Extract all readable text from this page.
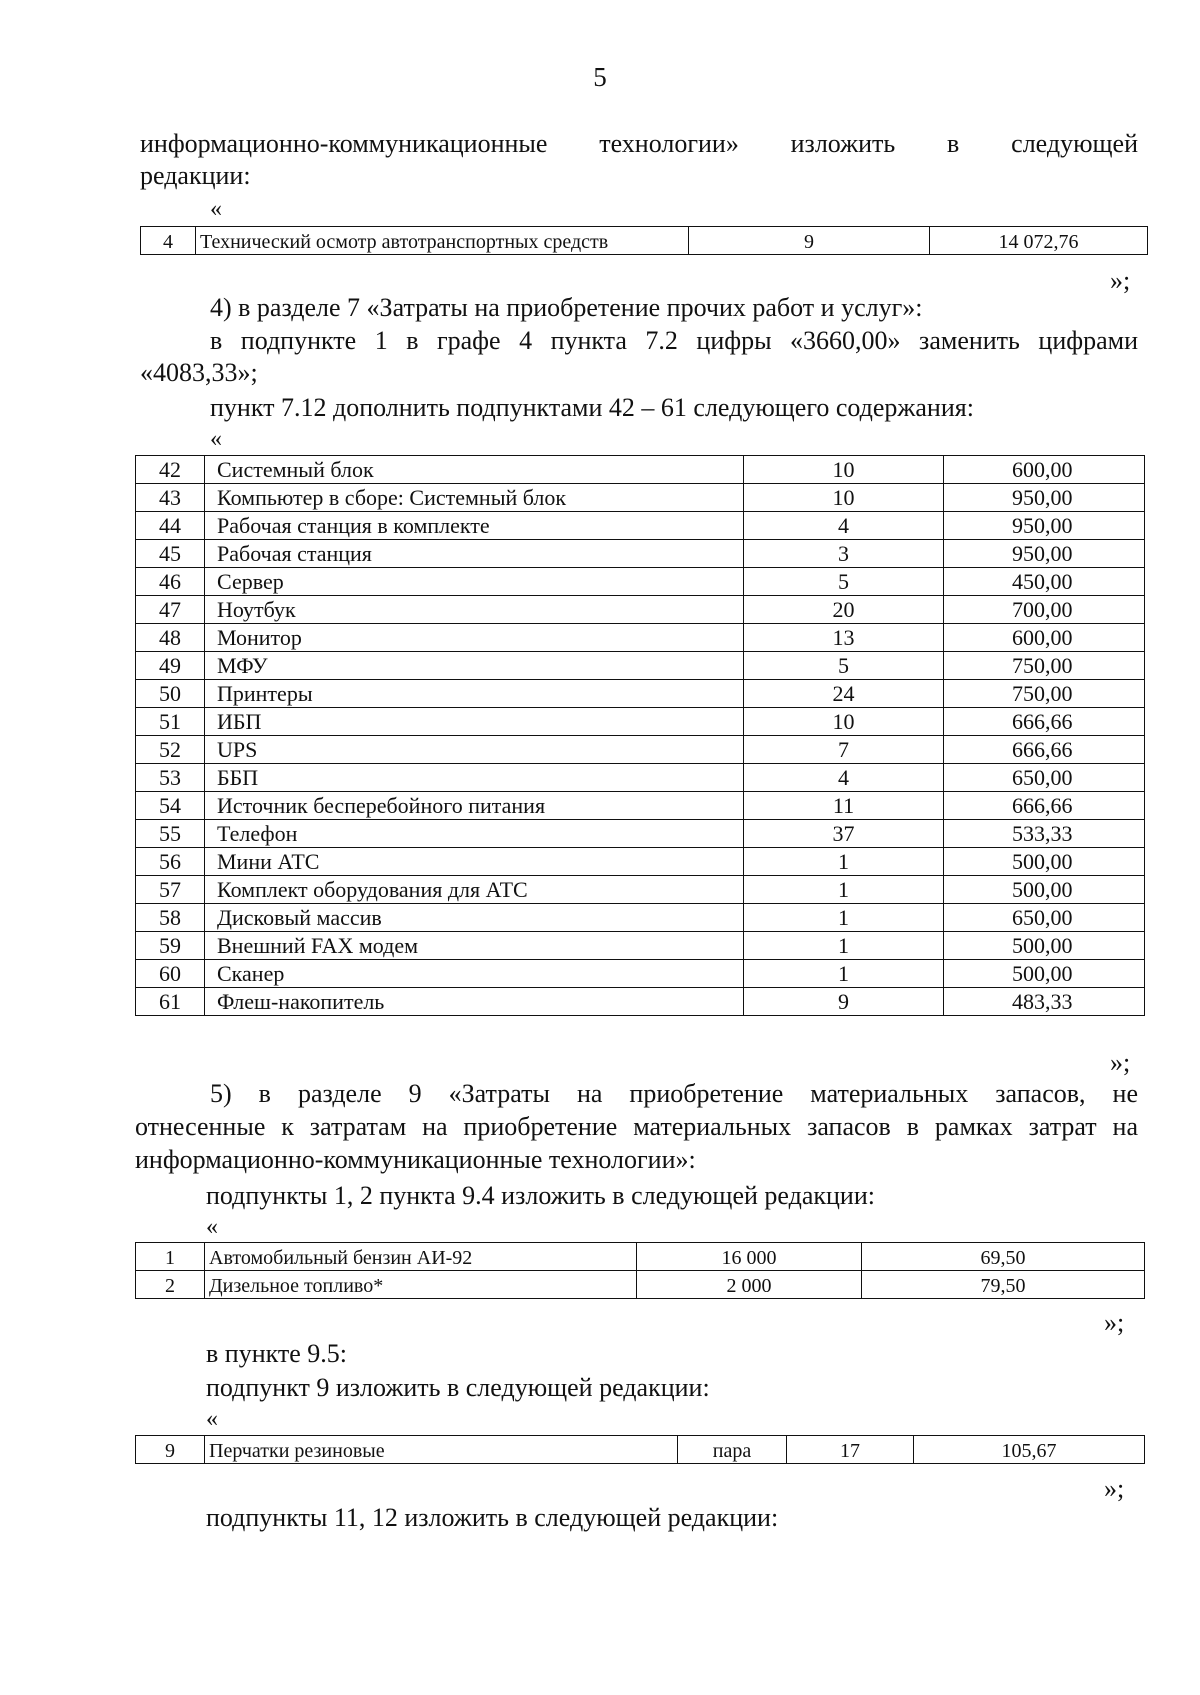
5
информационно-коммуникационные технологии» изложить в следующей
редакции:
«
4	Технический осмотр автотранспортных средств	9	14 072,76
»;
4) в разделе 7 «Затраты на приобретение прочих работ и услуг»:
в подпункте 1 в графе 4 пункта 7.2 цифры «3660,00» заменить цифрами
«4083,33»;
пункт 7.12 дополнить подпунктами 42 – 61 следующего содержания:
«
42	Системный блок	10	600,00
43	Компьютер в сборе: Системный блок	10	950,00
44	Рабочая станция в комплекте	4	950,00
45	Рабочая станция	3	950,00
46	Сервер	5	450,00
47	Ноутбук	20	700,00
48	Монитор	13	600,00
49	МФУ	5	750,00
50	Принтеры	24	750,00
51	ИБП	10	666,66
52	UPS	7	666,66
53	ББП	4	650,00
54	Источник бесперебойного питания	11	666,66
55	Телефон	37	533,33
56	Мини АТС	1	500,00
57	Комплект оборудования для АТС	1	500,00
58	Дисковый массив	1	650,00
59	Внешний FAX модем	1	500,00
60	Сканер	1	500,00
61	Флеш-накопитель	9	483,33
»;
5) в разделе 9 «Затраты на приобретение материальных запасов, не
отнесенные к затратам на приобретение материальных запасов в рамках затрат на
информационно-коммуникационные технологии»:
подпункты 1, 2 пункта 9.4 изложить в следующей редакции:
«
1	Автомобильный бензин АИ-92	16 000	69,50
2	Дизельное топливо*	2 000	79,50
»;
в пункте 9.5:
подпункт 9 изложить в следующей редакции:
«
9	Перчатки резиновые	пара	17	105,67
»;
подпункты 11, 12 изложить в следующей редакции:
